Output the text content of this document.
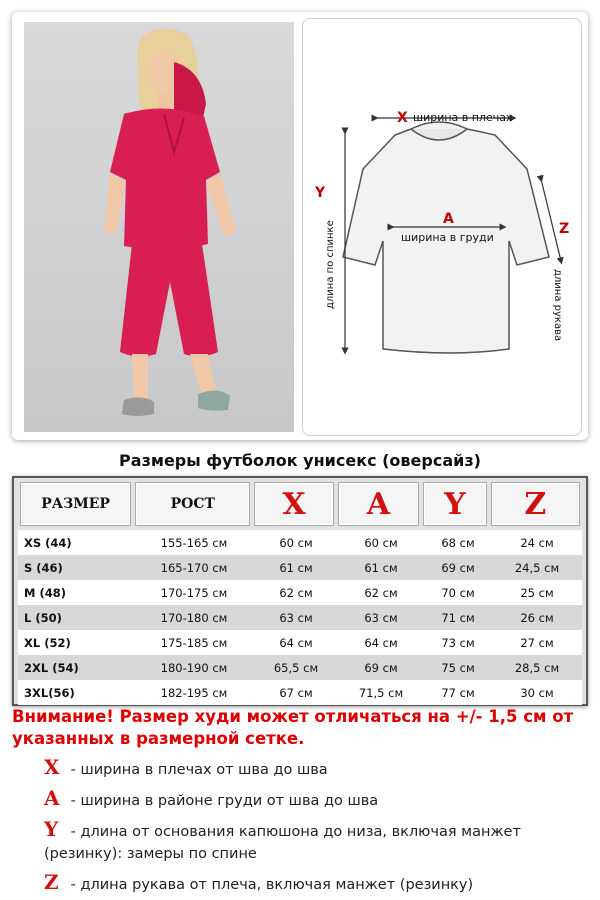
X ширина в плечах
A
ширина в груди
Y
длина по спинке	Z
длина рукава
Размеры футболок унисекс (оверсайз)
РАЗМЕР	РОСТ	X	A	Y	Z
XS (44)	155-165 см	60 см	60 см	68 см	24 см
S (46)	165-170 см	61 см	61 см	69 см	24,5 см
M (48)	170-175 см	62 см	62 см	70 см	25 см
L (50)	170-180 см	63 см	63 см	71 см	26 см
XL (52)	175-185 см	64 см	64 см	73 см	27 см
2XL (54)	180-190 см	65,5 см	69 см	75 см	28,5 см
3XL(56)	182-195 см	67 см	71,5 см	77 см	30 см
Внимание! Размер худи может отличаться на +/- 1,5 см от указанных в размерной сетке.
X - ширина в плечах от шва до шва
A - ширина в районе груди от шва до шва
Y - длина от основания капюшона до низа, включая манжет (резинку): замеры по спине
Z - длина рукава от плеча, включая манжет (резинку)
